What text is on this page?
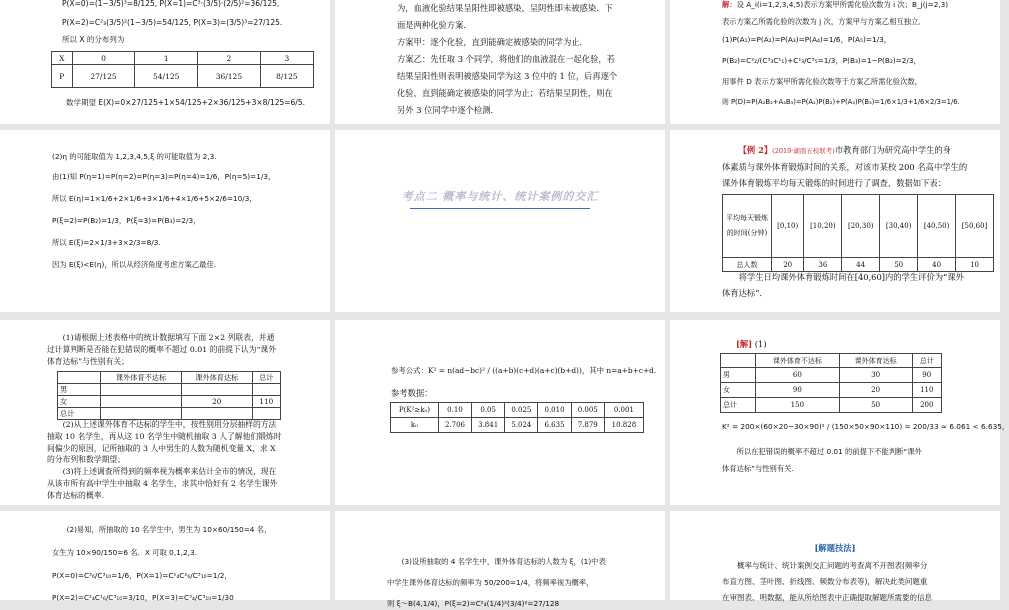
P(X=0)=(1−3/5)³=8/125, P(X=1)=C³·(3/5)·(2/5)²=36/125,

P(X=2)=C²₃(3/5)²(1−3/5)=54/125, P(X=3)=(3/5)³=27/125.

所以 X 的分布列为

X	0	1	2	3
P	27/125	54/125	36/125	8/125

数学期望 E(X)=0×27/125+1×54/125+2×36/125+3×8/125=6/5.

为，血液化验结果呈阳性即被感染，呈阴性即未被感染．下

面是两种化验方案．

方案甲：逐个化验，直到能确定被感染的同学为止．

方案乙：先任取 3 个同学，将他们的血液混在一起化验，若

结果呈阳性则表明被感染同学为这 3 位中的 1 位，后再逐个

化验，直到能确定被感染的同学为止；若结果呈阴性，则在

另外 3 位同学中逐个检测．

解：设 A_i(i=1,2,3,4,5)表示方案甲所需化验次数为 i 次；B_j(j=2,3)

表示方案乙所需化验的次数为 j 次，方案甲与方案乙相互独立．

(1)P(A₁)=P(A₂)=P(A₃)=P(A₄)=1/6，P(A₅)=1/3，

P(B₂)=C²₂/(C³₃C¹₁)+C¹₃/C³₅=1/3，P(B₃)=1−P(B₂)=2/3，

用事件 D 表示方案甲所需化验次数等于方案乙所需化验次数，

则 P(D)=P(A₂B₂+A₃B₃)=P(A₂)P(B₂)+P(A₃)P(B₃)=1/6×1/3+1/6×2/3=1/6.

(2)η 的可能取值为 1,2,3,4,5,ξ 的可能取值为 2,3.

由(1)知 P(η=1)=P(η=2)=P(η=3)=P(η=4)=1/6，P(η=5)=1/3，

所以 E(η)=1×1/6+2×1/6+3×1/6+4×1/6+5×2/6=10/3，

P(ξ=2)=P(B₂)=1/3，P(ξ=3)=P(B₃)=2/3，

所以 E(ξ)=2×1/3+3×2/3=8/3.

因为 E(ξ)<E(η)，所以从经济角度考虑方案乙最佳.

考点二 概率与统计、统计案例的交汇

【例 2】(2019·湖南五校联考)市教育部门为研究高中学生的身

体素质与课外体育锻炼时间的关系，对该市某校 200 名高中学生的

课外体育锻炼平均每天锻炼的时间进行了调查，数据如下表：

平均每天锻炼的时间(分钟)	[0,10)	[10,20)	[20,30)	[30,40)	[40,50)	[50,60]
总人数	20	36	44	50	40	10

将学生日均课外体育锻炼时间在[40,60]内的学生评价为“课外

体育达标”．

(1)请根据上述表格中的统计数据填写下面 2×2 列联表，并通

过计算判断是否能在犯错误的概率不超过 0.01 的前提下认为“课外

体育达标”与性别有关；

	课外体育不达标	课外体育达标	总计
男			
女		20	110
总计			

(2)从上述课外体育不达标的学生中，按性别用分层抽样的方法

抽取 10 名学生，再从这 10 名学生中随机抽取 3 人了解他们锻炼时

间偏少的原因，记所抽取的 3 人中男生的人数为随机变量 X，求 X

的分布列和数学期望；

(3)将上述调查所得到的频率视为概率来估计全市的情况，现在

从该市所有高中学生中抽取 4 名学生，求其中恰好有 2 名学生课外

体育达标的概率.

参考公式：K² = n(ad−bc)² / ((a+b)(c+d)(a+c)(b+d))，其中 n=a+b+c+d.

参考数据：

P(K²≥k₀)	0.10	0.05	0.025	0.010	0.005	0.001
k₀	2.706	3.841	5.024	6.635	7.879	10.828

[解] (1)

	课外体育不达标	课外体育达标	总计
男	60	30	90
女	90	20	110
总计	150	50	200

K² = 200×(60×20−30×90)² / (150×50×90×110) = 200/33 ≈ 6.061 < 6.635，

所以在犯错误的概率不超过 0.01 的前提下不能判断“课外

体育达标”与性别有关.

(2)易知，所抽取的 10 名学生中，男生为 10×60/150=4 名，

女生为 10×90/150=6 名．X 可取 0,1,2,3.

P(X=0)=C³₆/C³₁₀=1/6，P(X=1)=C¹₄C²₆/C³₁₀=1/2，

P(X=2)=C²₄C¹₆/C³₁₀=3/10，P(X=3)=C³₄/C³₁₀=1/30

(3)设所抽取的 4 名学生中，课外体育达标的人数为 ξ，(1)中表

中学生课外体育达标的频率为 50/200=1/4，将频率视为概率，

则 ξ～B(4,1/4)，P(ξ=2)=C²₄(1/4)²(3/4)²=27/128

[解题技法]

概率与统计、统计案例交汇问题的考查离不开图表(频率分

布直方图、茎叶图、折线图、频数分布表等)，解决此类问题重

在审图表、明数据，能从所给图表中正确提取解题所需要的信息
